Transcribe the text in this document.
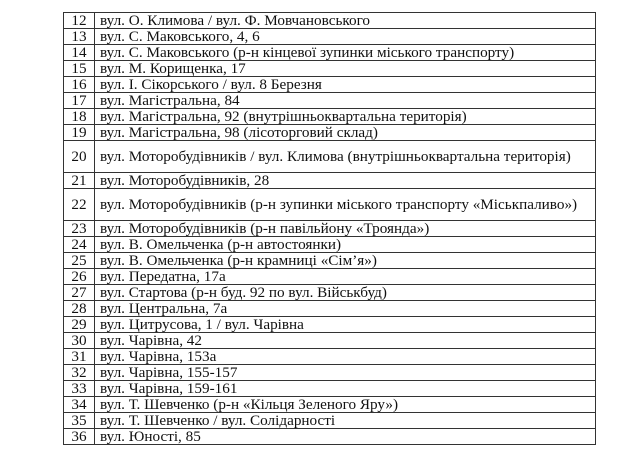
12	вул. О. Климова / вул. Ф. Мовчановського
13	вул. С. Маковського, 4, 6
14	вул. С. Маковського (р-н кінцевої зупинки міського транспорту)
15	вул. М. Корищенка, 17
16	вул. І. Сікорського / вул. 8 Березня
17	вул. Магістральна, 84
18	вул. Магістральна, 92 (внутрішньоквартальна територія)
19	вул. Магістральна, 98 (лісоторговий склад)
20	вул. Моторобудівників / вул. Климова (внутрішньоквартальна територія)
21	вул. Моторобудівників, 28
22	вул. Моторобудівників (р-н зупинки міського транспорту «Міськпаливо»)
23	вул. Моторобудівників (р-н павільйону «Троянда»)
24	вул. В. Омельченка (р-н автостоянки)
25	вул. В. Омельченка (р-н крамниці «Сім’я»)
26	вул. Передатна, 17а
27	вул. Стартова (р-н буд. 92 по вул. Військбуд)
28	вул. Центральна, 7а
29	вул. Цитрусова, 1 / вул. Чарівна
30	вул. Чарівна, 42
31	вул. Чарівна, 153а
32	вул. Чарівна, 155-157
33	вул. Чарівна, 159-161
34	вул. Т. Шевченко (р-н «Кільця Зеленого Яру»)
35	вул. Т. Шевченко / вул. Солідарності
36	вул. Юності, 85
